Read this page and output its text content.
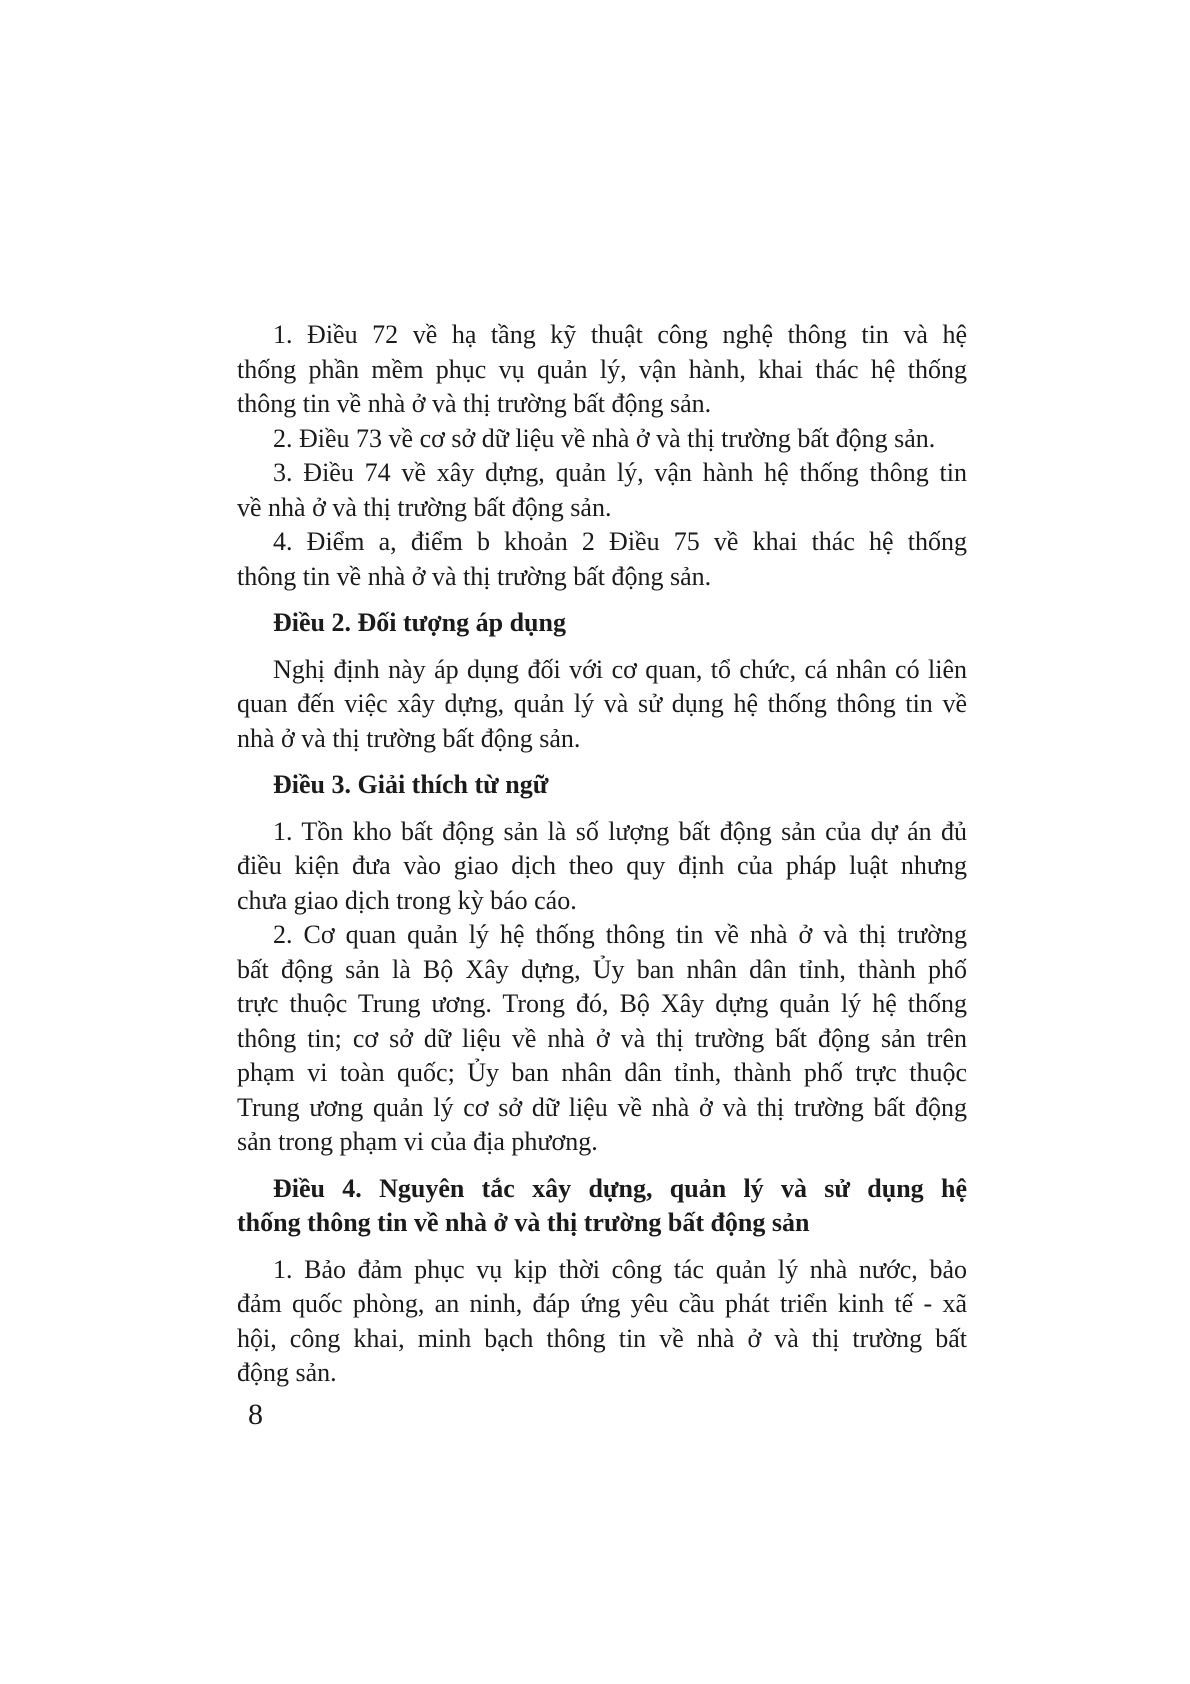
1. Điều 72 về hạ tầng kỹ thuật công nghệ thông tin và hệ
thống phần mềm phục vụ quản lý, vận hành, khai thác hệ thống
thông tin về nhà ở và thị trường bất động sản.
2. Điều 73 về cơ sở dữ liệu về nhà ở và thị trường bất động sản.
3. Điều 74 về xây dựng, quản lý, vận hành hệ thống thông tin
về nhà ở và thị trường bất động sản.
4. Điểm a, điểm b khoản 2 Điều 75 về khai thác hệ thống
thông tin về nhà ở và thị trường bất động sản.
Điều 2. Đối tượng áp dụng
Nghị định này áp dụng đối với cơ quan, tổ chức, cá nhân có liên
quan đến việc xây dựng, quản lý và sử dụng hệ thống thông tin về
nhà ở và thị trường bất động sản.
Điều 3. Giải thích từ ngữ
1. Tồn kho bất động sản là số lượng bất động sản của dự án đủ
điều kiện đưa vào giao dịch theo quy định của pháp luật nhưng
chưa giao dịch trong kỳ báo cáo.
2. Cơ quan quản lý hệ thống thông tin về nhà ở và thị trường
bất động sản là Bộ Xây dựng, Ủy ban nhân dân tỉnh, thành phố
trực thuộc Trung ương. Trong đó, Bộ Xây dựng quản lý hệ thống
thông tin; cơ sở dữ liệu về nhà ở và thị trường bất động sản trên
phạm vi toàn quốc; Ủy ban nhân dân tỉnh, thành phố trực thuộc
Trung ương quản lý cơ sở dữ liệu về nhà ở và thị trường bất động
sản trong phạm vi của địa phương.
Điều 4. Nguyên tắc xây dựng, quản lý và sử dụng hệ
thống thông tin về nhà ở và thị trường bất động sản
1. Bảo đảm phục vụ kịp thời công tác quản lý nhà nước, bảo
đảm quốc phòng, an ninh, đáp ứng yêu cầu phát triển kinh tế - xã
hội, công khai, minh bạch thông tin về nhà ở và thị trường bất
động sản.
8
